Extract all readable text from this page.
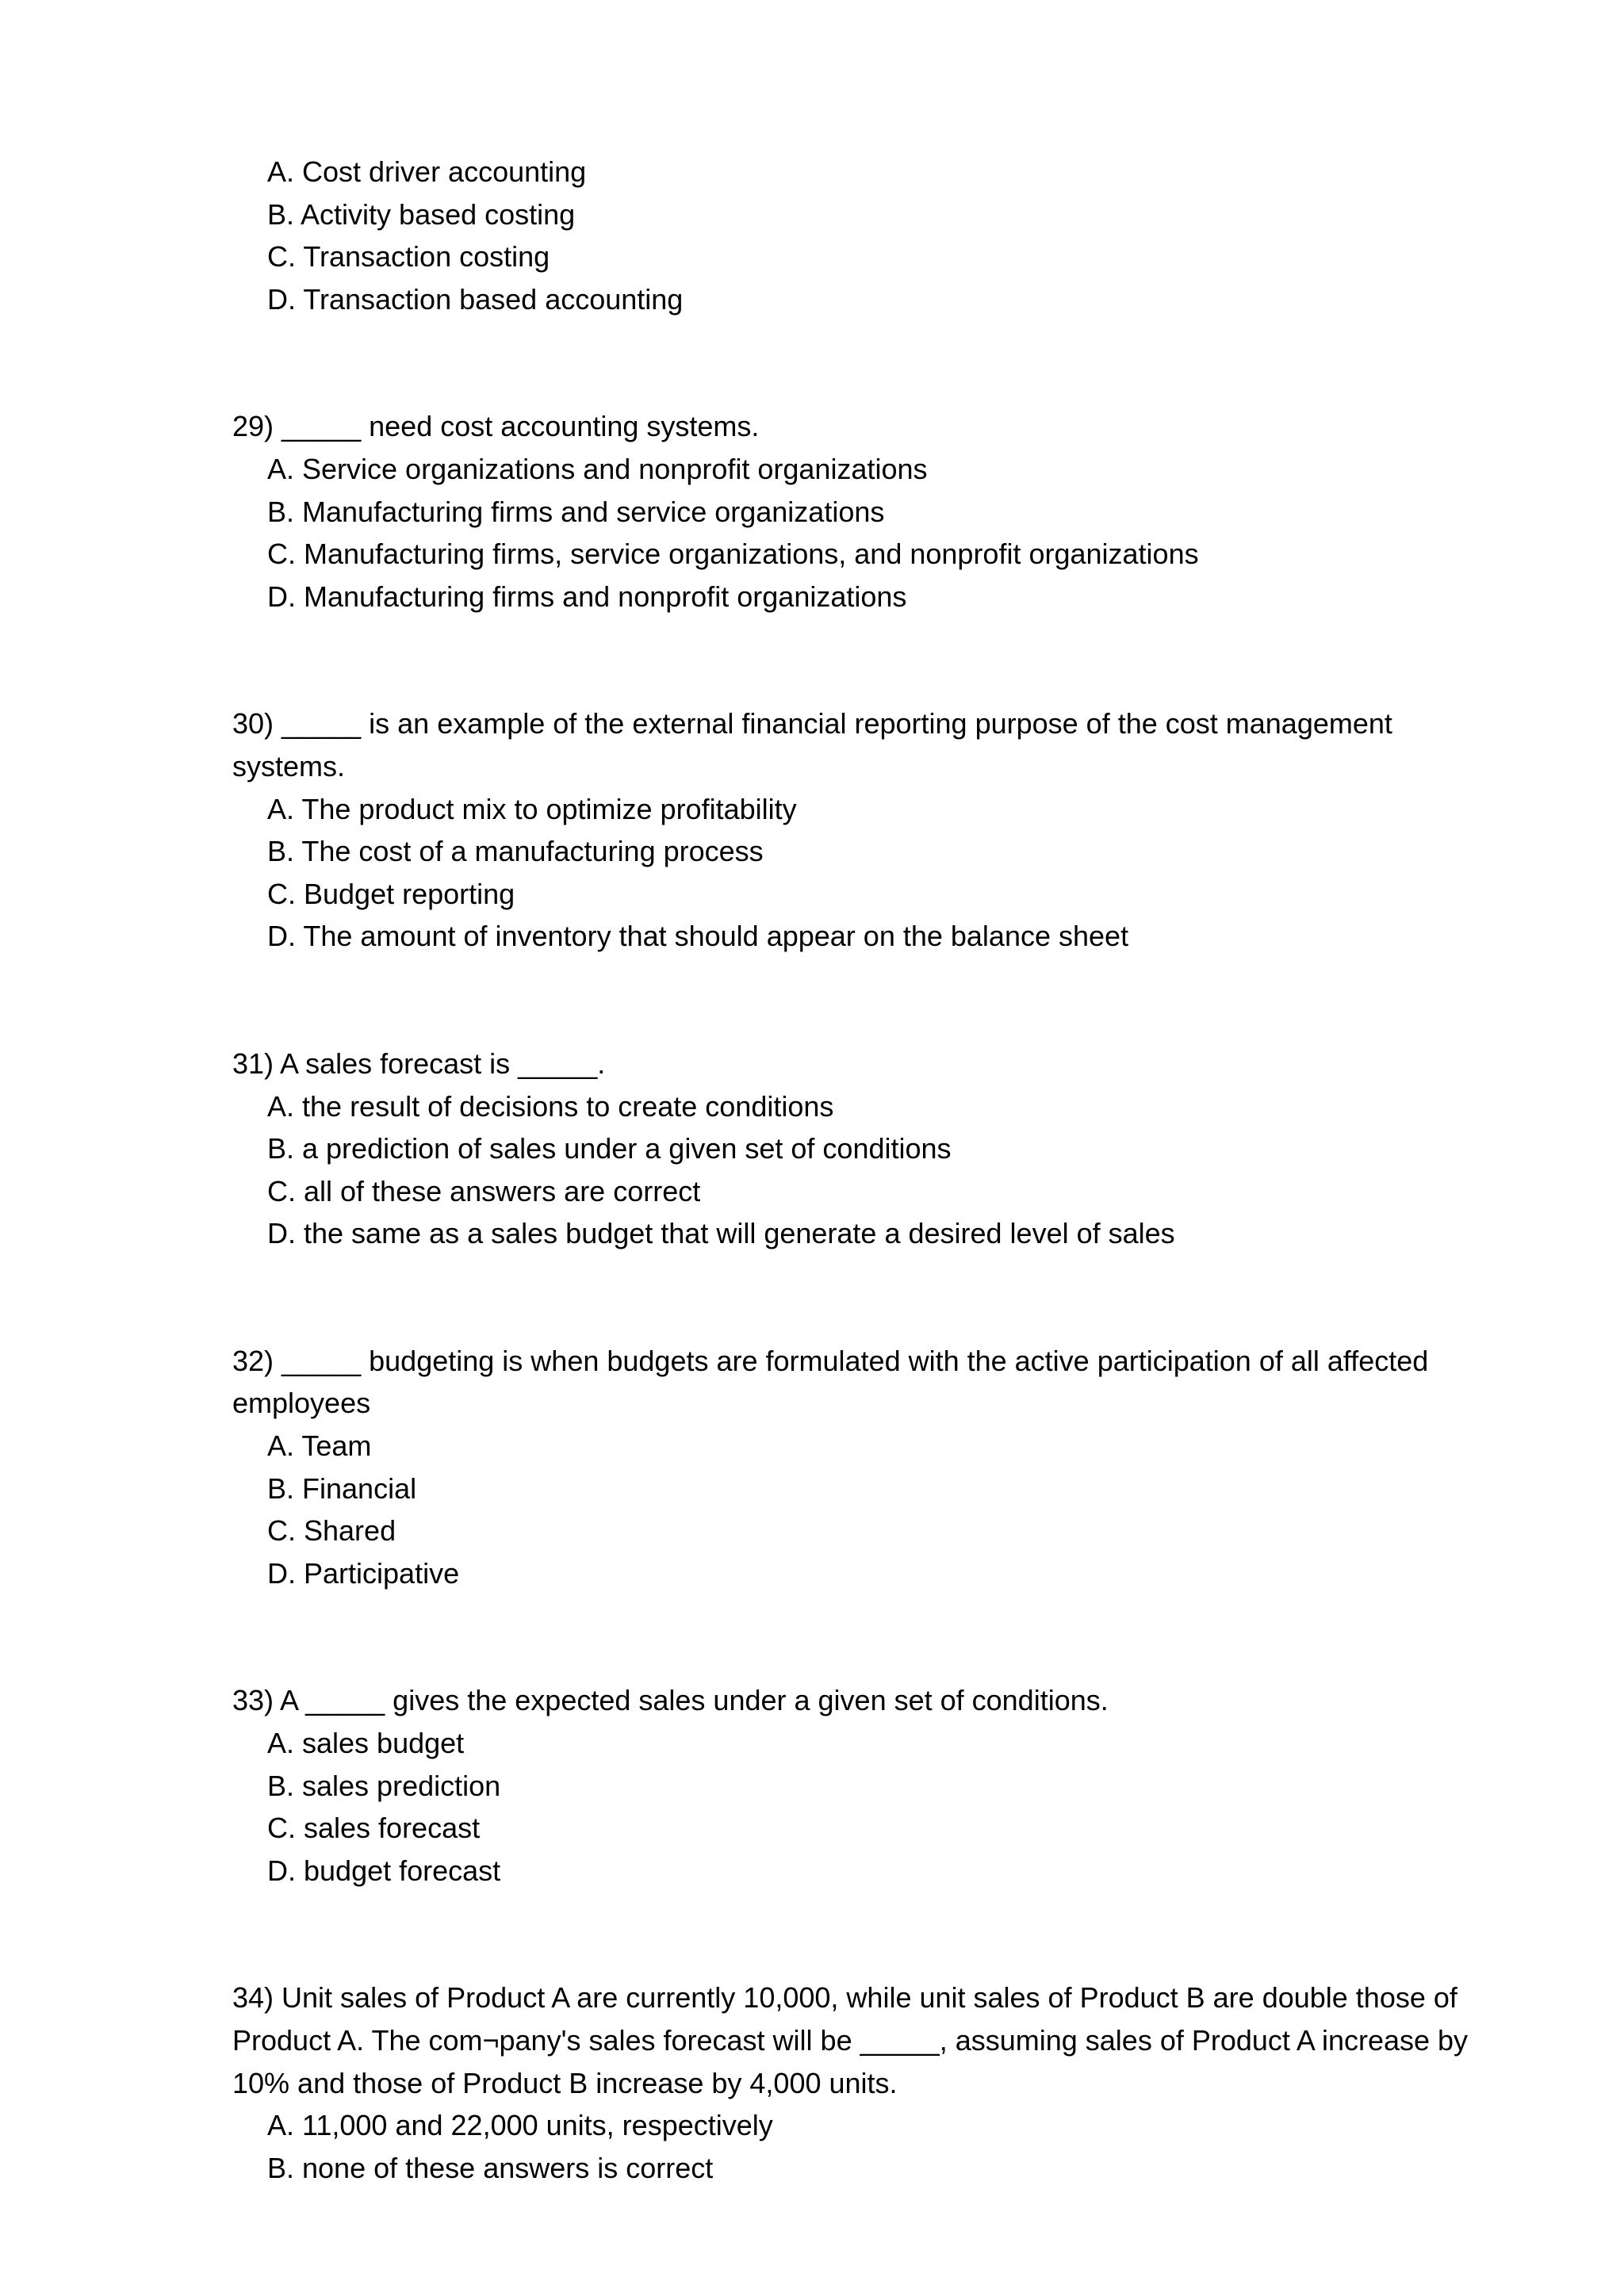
A. Cost driver accounting
B. Activity based costing
C. Transaction costing
D. Transaction based accounting

29) _____ need cost accounting systems.

A. Service organizations and nonprofit organizations
B. Manufacturing firms and service organizations
C. Manufacturing firms, service organizations, and nonprofit organizations
D. Manufacturing firms and nonprofit organizations

30) _____ is an example of the external financial reporting purpose of the cost management systems.

A. The product mix to optimize profitability
B. The cost of a manufacturing process
C. Budget reporting
D. The amount of inventory that should appear on the balance sheet

31) A sales forecast is _____.

A. the result of decisions to create conditions
B. a prediction of sales under a given set of conditions
C. all of these answers are correct
D. the same as a sales budget that will generate a desired level of sales

32) _____ budgeting is when budgets are formulated with the active participation of all affected employees

A. Team
B. Financial
C. Shared
D. Participative

33) A _____ gives the expected sales under a given set of conditions.

A. sales budget
B. sales prediction
C. sales forecast
D. budget forecast

34) Unit sales of Product A are currently 10,000, while unit sales of Product B are double those of Product A. The com¬pany's sales forecast will be _____, assuming sales of Product A increase by 10% and those of Product B increase by 4,000 units.

A. 11,000 and 22,000 units, respectively
B. none of these answers is correct
